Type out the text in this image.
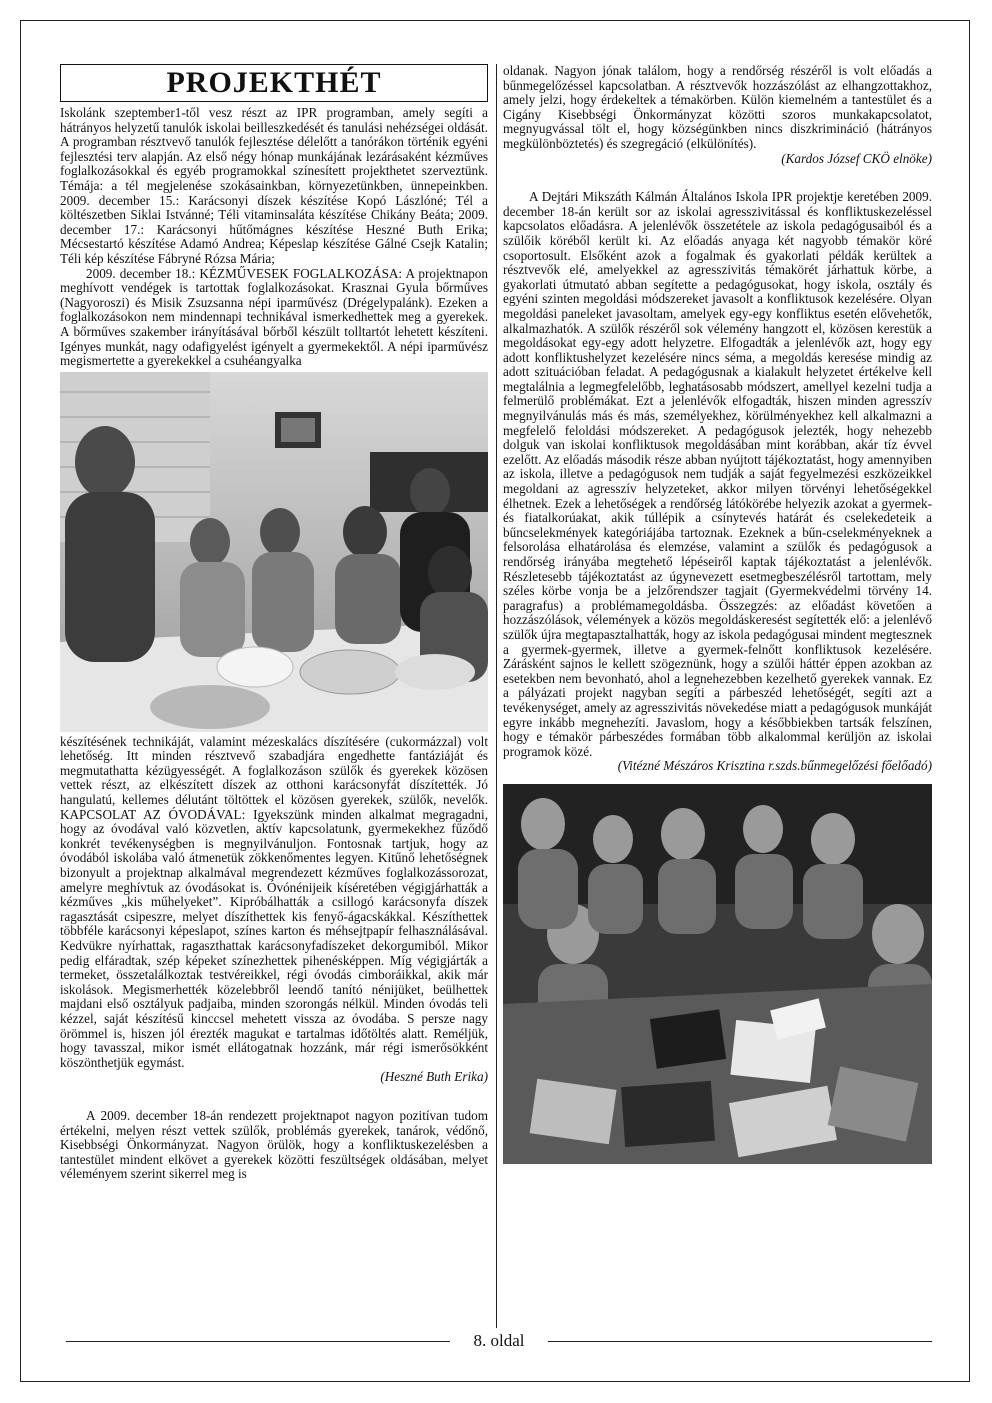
PROJEKTHÉT

Iskolánk szeptember1-től vesz részt az IPR programban, amely segíti a hátrányos helyzetű tanulók iskolai beilleszkedését és tanulási nehézségei oldását. A programban résztvevő tanulók fejlesztése délelőtt a tanórákon történik egyéni fejlesztési terv alapján. Az első négy hónap munkájának lezárásaként kézműves foglalkozásokkal és egyéb programokkal színesített projekthetet szerveztünk. Témája: a tél megjelenése szokásainkban, környezetünkben, ünnepeinkben. 2009. december 15.: Karácsonyi díszek készítése Kopó Lászlóné; Tél a költészetben Siklai Istvánné; Téli vitaminsaláta készítése Chikány Beáta; 2009. december 17.: Karácsonyi hűtőmágnes készítése Heszné Buth Erika; Mécsestartó készítése Adamó Andrea; Képeslap készítése Gálné Csejk Katalin; Téli kép készítése Fábryné Rózsa Mária;

2009. december 18.: KÉZMŰVESEK FOGLALKOZÁSA: A projektnapon meghívott vendégek is tartottak foglalkozásokat. Krasznai Gyula bőrműves (Nagyoroszi) és Misik Zsuzsanna népi iparművész (Drégelypalánk). Ezeken a foglalkozásokon nem mindennapi technikával ismerkedhettek meg a gyerekek. A bőrműves szakember irányításával bőrből készült tolltartót lehetett készíteni. Igényes munkát, nagy odafigyelést igényelt a gyermekektől. A népi iparművész megismertette a gyerekekkel a csuhéangyalka

készítésének technikáját, valamint mézeskalács díszítésére (cukormázzal) volt lehetőség. Itt minden résztvevő szabadjára engedhette fantáziáját és megmutathatta kézügyességét. A foglalkozáson szülők és gyerekek közösen vettek részt, az elkészített díszek az otthoni karácsonyfát díszítették. Jó hangulatú, kellemes délutánt töltöttek el közösen gyerekek, szülők, nevelők. KAPCSOLAT AZ ÓVODÁVAL: Igyekszünk minden alkalmat megragadni, hogy az óvodával való közvetlen, aktív kapcsolatunk, gyermekekhez fűződő konkrét tevékenységben is megnyilvánuljon. Fontosnak tartjuk, hogy az óvodából iskolába való átmenetük zökkenőmentes legyen. Kitűnő lehetőségnek bizonyult a projektnap alkalmával megrendezett kézműves foglalkozássorozat, amelyre meghívtuk az óvodásokat is. Óvónénijeik kíséretében végigjárhatták a kézműves „kis műhelyeket”. Kipróbálhatták a csillogó karácsonyfa díszek ragasztását csipeszre, melyet díszíthettek kis fenyő-ágacskákkal. Készíthettek többféle karácsonyi képeslapot, színes karton és méhsejtpapír felhasználásával. Kedvükre nyírhattak, ragaszthattak karácsonyfadíszeket dekorgumiból. Mikor pedig elfáradtak, szép képeket színezhettek pihenésképpen. Míg végigjárták a termeket, összetalálkoztak testvéreikkel, régi óvodás cimboráikkal, akik már iskolások. Megismerhették közelebbről leendő tanító nénijüket, beülhettek majdani első osztályuk padjaiba, minden szorongás nélkül. Minden óvodás teli kézzel, saját készítésű kinccsel mehetett vissza az óvodába. S persze nagy örömmel is, hiszen jól érezték magukat e tartalmas időtöltés alatt. Reméljük, hogy tavasszal, mikor ismét ellátogatnak hozzánk, már régi ismerősökként köszönthetjük egymást.

(Heszné Buth Erika)

A 2009. december 18-án rendezett projektnapot nagyon pozitívan tudom értékelni, melyen részt vettek szülők, problémás gyerekek, tanárok, védőnő, Kisebbségi Önkormányzat. Nagyon örülök, hogy a konfliktuskezelésben a tantestület mindent elkövet a gyerekek közötti feszültségek oldásában, melyet véleményem szerint sikerrel meg is

oldanak. Nagyon jónak találom, hogy a rendőrség részéről is volt előadás a bűnmegelőzéssel kapcsolatban. A résztvevők hozzászólást az elhangzottakhoz, amely jelzi, hogy érdekeltek a témakörben. Külön kiemelném a tantestület és a Cigány Kisebbségi Önkormányzat közötti szoros munkakapcsolatot, megnyugvással tölt el, hogy községünkben nincs diszkrimináció (hátrányos megkülönböztetés) és szegregáció (elkülönítés).

(Kardos József CKÖ elnöke)

A Dejtári Mikszáth Kálmán Általános Iskola IPR projektje keretében 2009. december 18-án került sor az iskolai agresszivitással és konfliktuskezeléssel kapcsolatos előadásra. A jelenlévők összetétele az iskola pedagógusaiból és a szülőik köréből került ki. Az előadás anyaga két nagyobb témakör köré csoportosult. Elsőként azok a fogalmak és gyakorlati példák kerültek a résztvevők elé, amelyekkel az agresszivitás témakörét járhattuk körbe, a gyakorlati útmutató abban segítette a pedagógusokat, hogy iskola, osztály és egyéni szinten megoldási módszereket javasolt a konfliktusok kezelésére. Olyan megoldási paneleket javasoltam, amelyek egy-egy konfliktus esetén elővehetők, alkalmazhatók. A szülők részéről sok vélemény hangzott el, közösen kerestük a megoldásokat egy-egy adott helyzetre. Elfogadták a jelenlévők azt, hogy egy adott konfliktushelyzet kezelésére nincs séma, a megoldás keresése mindig az adott szituációban feladat. A pedagógusnak a kialakult helyzetet értékelve kell megtalálnia a legmegfelelőbb, leghatásosabb módszert, amellyel kezelni tudja a felmerülő problémákat. Ezt a jelenlévők elfogadták, hiszen minden agresszív megnyilvánulás más és más, személyekhez, körülményekhez kell alkalmazni a megfelelő feloldási módszereket. A pedagógusok jelezték, hogy nehezebb dolguk van iskolai konfliktusok megoldásában mint korábban, akár tíz évvel ezelőtt. Az előadás második része abban nyújtott tájékoztatást, hogy amennyiben az iskola, illetve a pedagógusok nem tudják a saját fegyelmezési eszközeikkel megoldani az agresszív helyzeteket, akkor milyen törvényi lehetőségekkel élhetnek. Ezek a lehetőségek a rendőrség látókörébe helyezik azokat a gyermek- és fiatalkorúakat, akik túllépik a csínytevés határát és cselekedeteik a bűncselekmények kategóriájába tartoznak. Ezeknek a bűn-cselekményeknek a felsorolása elhatárolása és elemzése, valamint a szülők és pedagógusok a rendőrség irányába megtehető lépéseiről kaptak tájékoztatást a jelenlévők. Részletesebb tájékoztatást az úgynevezett esetmegbeszélésről tartottam, mely széles körbe vonja be a jelzőrendszer tagjait (Gyermekvédelmi törvény 14. paragrafus) a problémamegoldásba. Összegzés: az előadást követően a hozzászólások, vélemények a közös megoldáskeresést segítették elő: a jelenlévő szülők újra megtapasztalhatták, hogy az iskola pedagógusai mindent megtesznek a gyermek-gyermek, illetve a gyermek-felnőtt konfliktusok kezelésére. Zárásként sajnos le kellett szögeznünk, hogy a szülői háttér éppen azokban az esetekben nem bevonható, ahol a legnehezebben kezelhető gyerekek vannak. Ez a pályázati projekt nagyban segíti a párbeszéd lehetőségét, segíti azt a tevékenységet, amely az agresszivitás növekedése miatt a pedagógusok munkáját egyre inkább megnehezíti. Javaslom, hogy a későbbiekben tartsák felszínen, hogy e témakör párbeszédes formában több alkalommal kerüljön az iskolai programok közé.

(Vitézné Mészáros Krisztina r.szds.bűnmegelőzési főelőadó)

8. oldal
